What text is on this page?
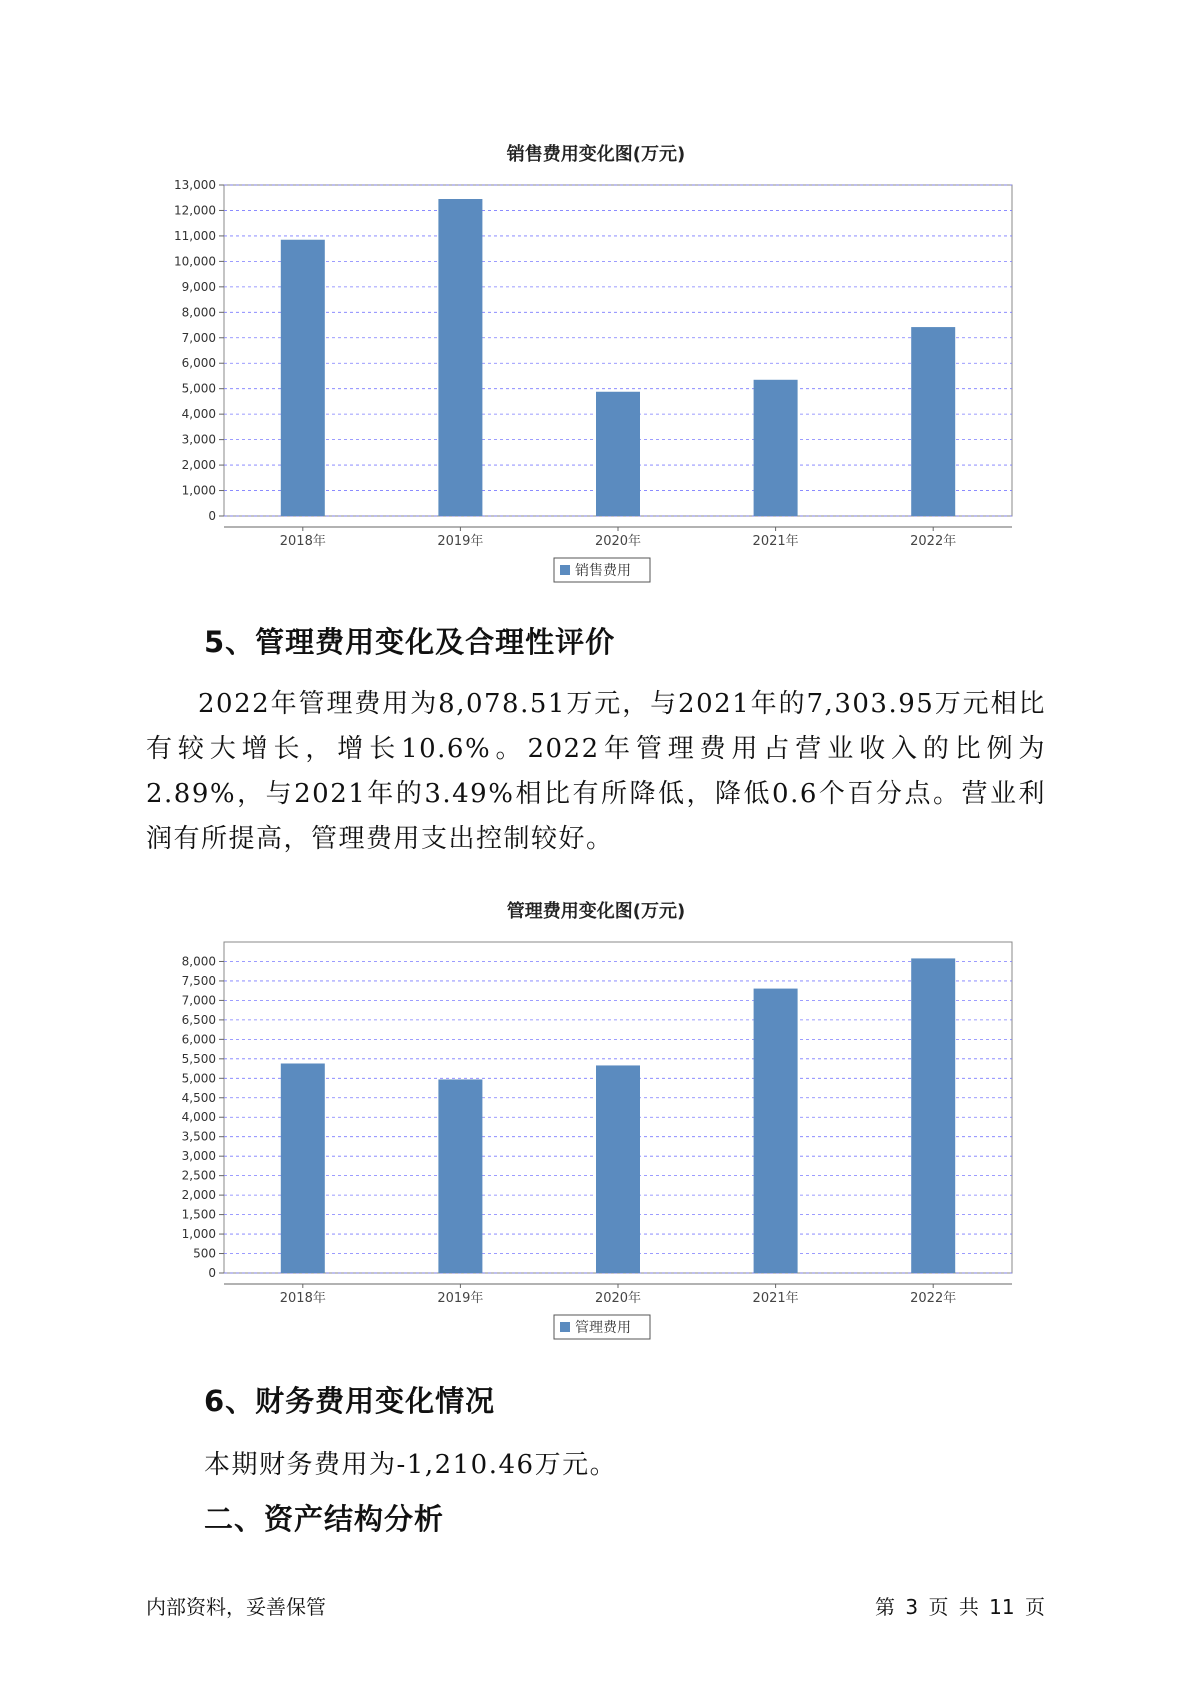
销售费用变化图(万元)
0
1,000
2,000
3,000
4,000
5,000
6,000
7,000
8,000
9,000
10,000
11,000
12,000
13,000
2018年	2019年	2020年	2021年	2022年
销售费用
5、管理费用变化及合理性评价

2022年管理费用为8,078.51万元，与2021年的7,303.95万元相比有较大增长，增长10.6%。2022年管理费用占营业收入的比例为2.89%，与2021年的3.49%相比有所降低，降低0.6个百分点。营业利润有所提高，管理费用支出控制较好。

管理费用变化图(万元)
0
500
1,000
1,500
2,000
2,500
3,000
3,500
4,000
4,500
5,000
5,500
6,000
6,500
7,000
7,500
8,000
2018年	2019年	2020年	2021年	2022年
管理费用
6、财务费用变化情况

本期财务费用为-1,210.46万元。

二、资产结构分析
内部资料，妥善保管	第 3 页 共 11 页
